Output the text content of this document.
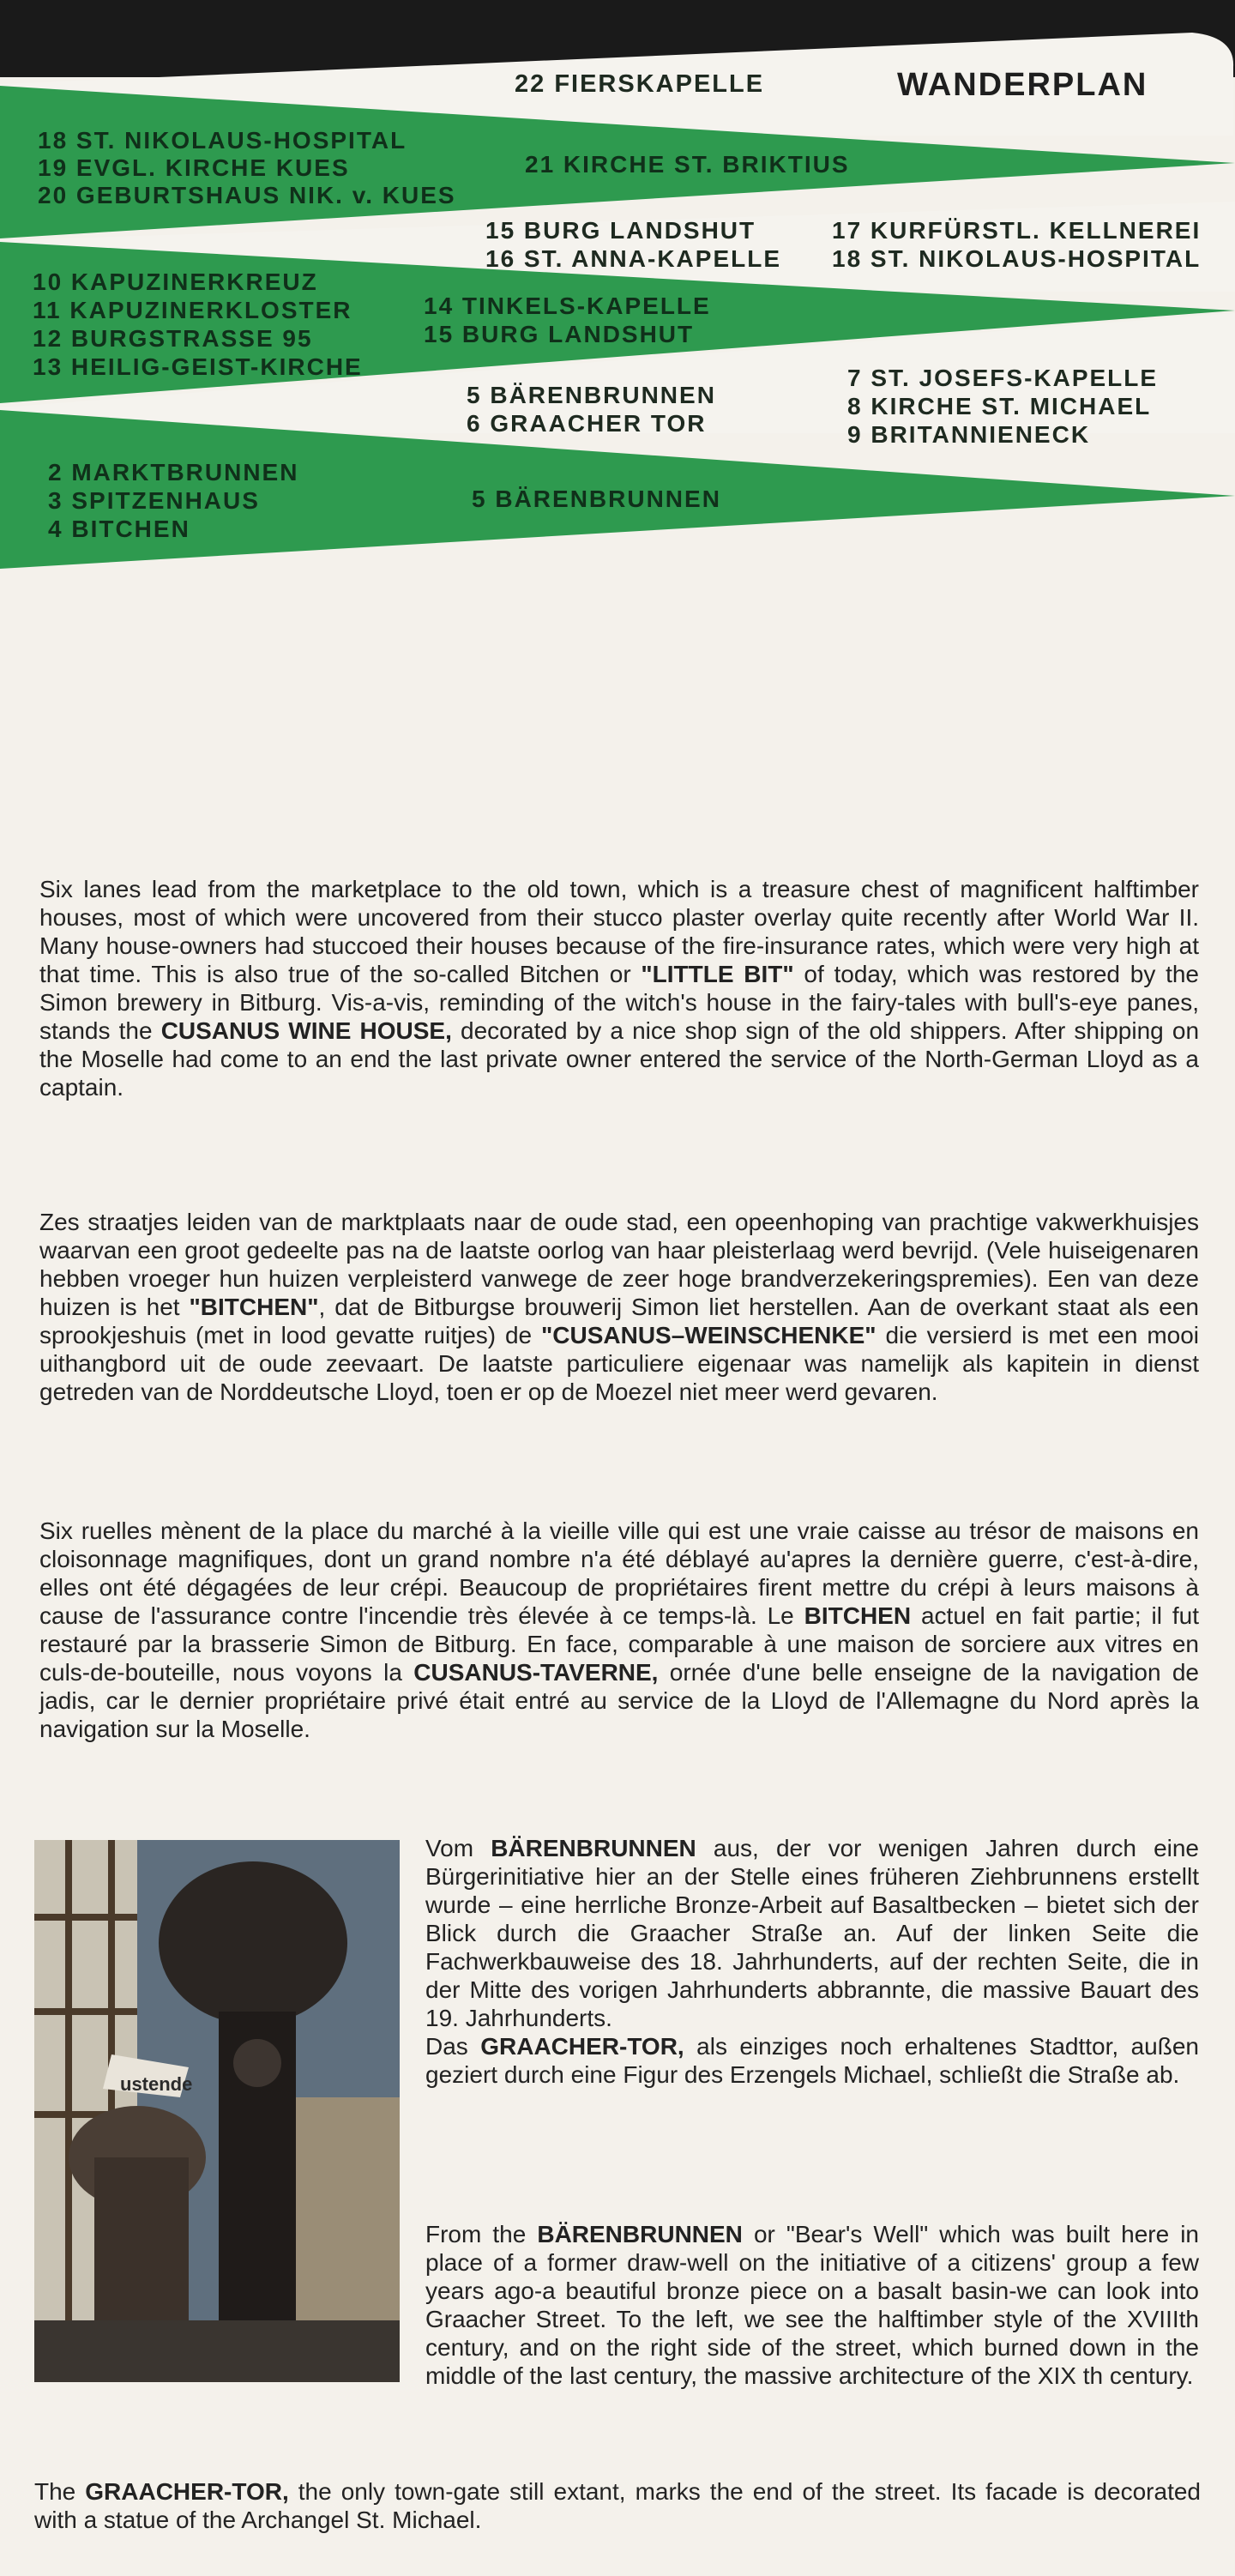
22 FIERSKAPELLE	WANDERPLAN
18 ST. NIKOLAUS-HOSPITAL
19 EVGL. KIRCHE KUES
20 GEBURTSHAUS NIK. v. KUES
21 KIRCHE ST. BRIKTIUS
15 BURG LANDSHUT
16 ST. ANNA-KAPELLE
17 KURFÜRSTL. KELLNEREI
18 ST. NIKOLAUS-HOSPITAL
10 KAPUZINERKREUZ
11 KAPUZINERKLOSTER
12 BURGSTRASSE 95
13 HEILIG-GEIST-KIRCHE
14 TINKELS-KAPELLE
15 BURG LANDSHUT
5 BÄRENBRUNNEN
6 GRAACHER TOR
7 ST. JOSEFS-KAPELLE
8 KIRCHE ST. MICHAEL
9 BRITANNIENECK
2 MARKTBRUNNEN
3 SPITZENHAUS
4 BITCHEN
5 BÄRENBRUNNEN
Six lanes lead from the marketplace to the old town, which is a treasure chest of magnificent halftimber houses, most of which were uncovered from their stucco plaster overlay quite recently after World War II. Many house-owners had stuccoed their houses because of the fire-insurance rates, which were very high at that time. This is also true of the so-called Bitchen or "LITTLE BIT" of today, which was restored by the Simon brewery in Bitburg. Vis-a-vis, reminding of the witch's house in the fairy-tales with bull's-eye panes, stands the CUSANUS WINE HOUSE, decorated by a nice shop sign of the old shippers. After shipping on the Moselle had come to an end the last private owner entered the service of the North-German Lloyd as a captain.
Zes straatjes leiden van de marktplaats naar de oude stad, een opeenhoping van prachtige vakwerkhuisjes waarvan een groot gedeelte pas na de laatste oorlog van haar pleisterlaag werd bevrijd. (Vele huiseigenaren hebben vroeger hun huizen verpleisterd vanwege de zeer hoge brandverzekeringspremies). Een van deze huizen is het "BITCHEN", dat de Bitburgse brouwerij Simon liet herstellen. Aan de overkant staat als een sprookjeshuis (met in lood gevatte ruitjes) de "CUSANUS–WEINSCHENKE" die versierd is met een mooi uithangbord uit de oude zeevaart. De laatste particuliere eigenaar was namelijk als kapitein in dienst getreden van de Norddeutsche Lloyd, toen er op de Moezel niet meer werd gevaren.
Six ruelles mènent de la place du marché à la vieille ville qui est une vraie caisse au trésor de maisons en cloisonnage magnifiques, dont un grand nombre n'a été déblayé au'apres la dernière guerre, c'est-à-dire, elles ont été dégagées de leur crépi. Beaucoup de propriétaires firent mettre du crépi à leurs maisons à cause de l'assurance contre l'incendie très élevée à ce temps-là. Le BITCHEN actuel en fait partie; il fut restauré par la brasserie Simon de Bitburg. En face, comparable à une maison de sorciere aux vitres en culs-de-bouteille, nous voyons la CUSANUS-TAVERNE, ornée d'une belle enseigne de la navigation de jadis, car le dernier propriétaire privé était entré au service de la Lloyd de l'Allemagne du Nord après la navigation sur la Moselle.
ustende
Vom BÄRENBRUNNEN aus, der vor wenigen Jahren durch eine Bürgerinitiative hier an der Stelle eines früheren Ziehbrunnens erstellt wurde – eine herrliche Bronze-Arbeit auf Basaltbecken – bietet sich der Blick durch die Graacher Straße an. Auf der linken Seite die Fachwerkbauweise des 18. Jahrhunderts, auf der rechten Seite, die in der Mitte des vorigen Jahrhunderts abbrannte, die massive Bauart des 19. Jahrhunderts.
Das GRAACHER-TOR, als einziges noch erhaltenes Stadttor, außen geziert durch eine Figur des Erzengels Michael, schließt die Straße ab.
From the BÄRENBRUNNEN or "Bear's Well" which was built here in place of a former draw-well on the initiative of a citizens' group a few years ago-a beautiful bronze piece on a basalt basin-we can look into Graacher Street. To the left, we see the halftimber style of the XVIIIth century, and on the right side of the street, which burned down in the middle of the last century, the massive architecture of the XIX th century.
The GRAACHER-TOR, the only town-gate still extant, marks the end of the street. Its facade is decorated with a statue of the Archangel St. Michael.
